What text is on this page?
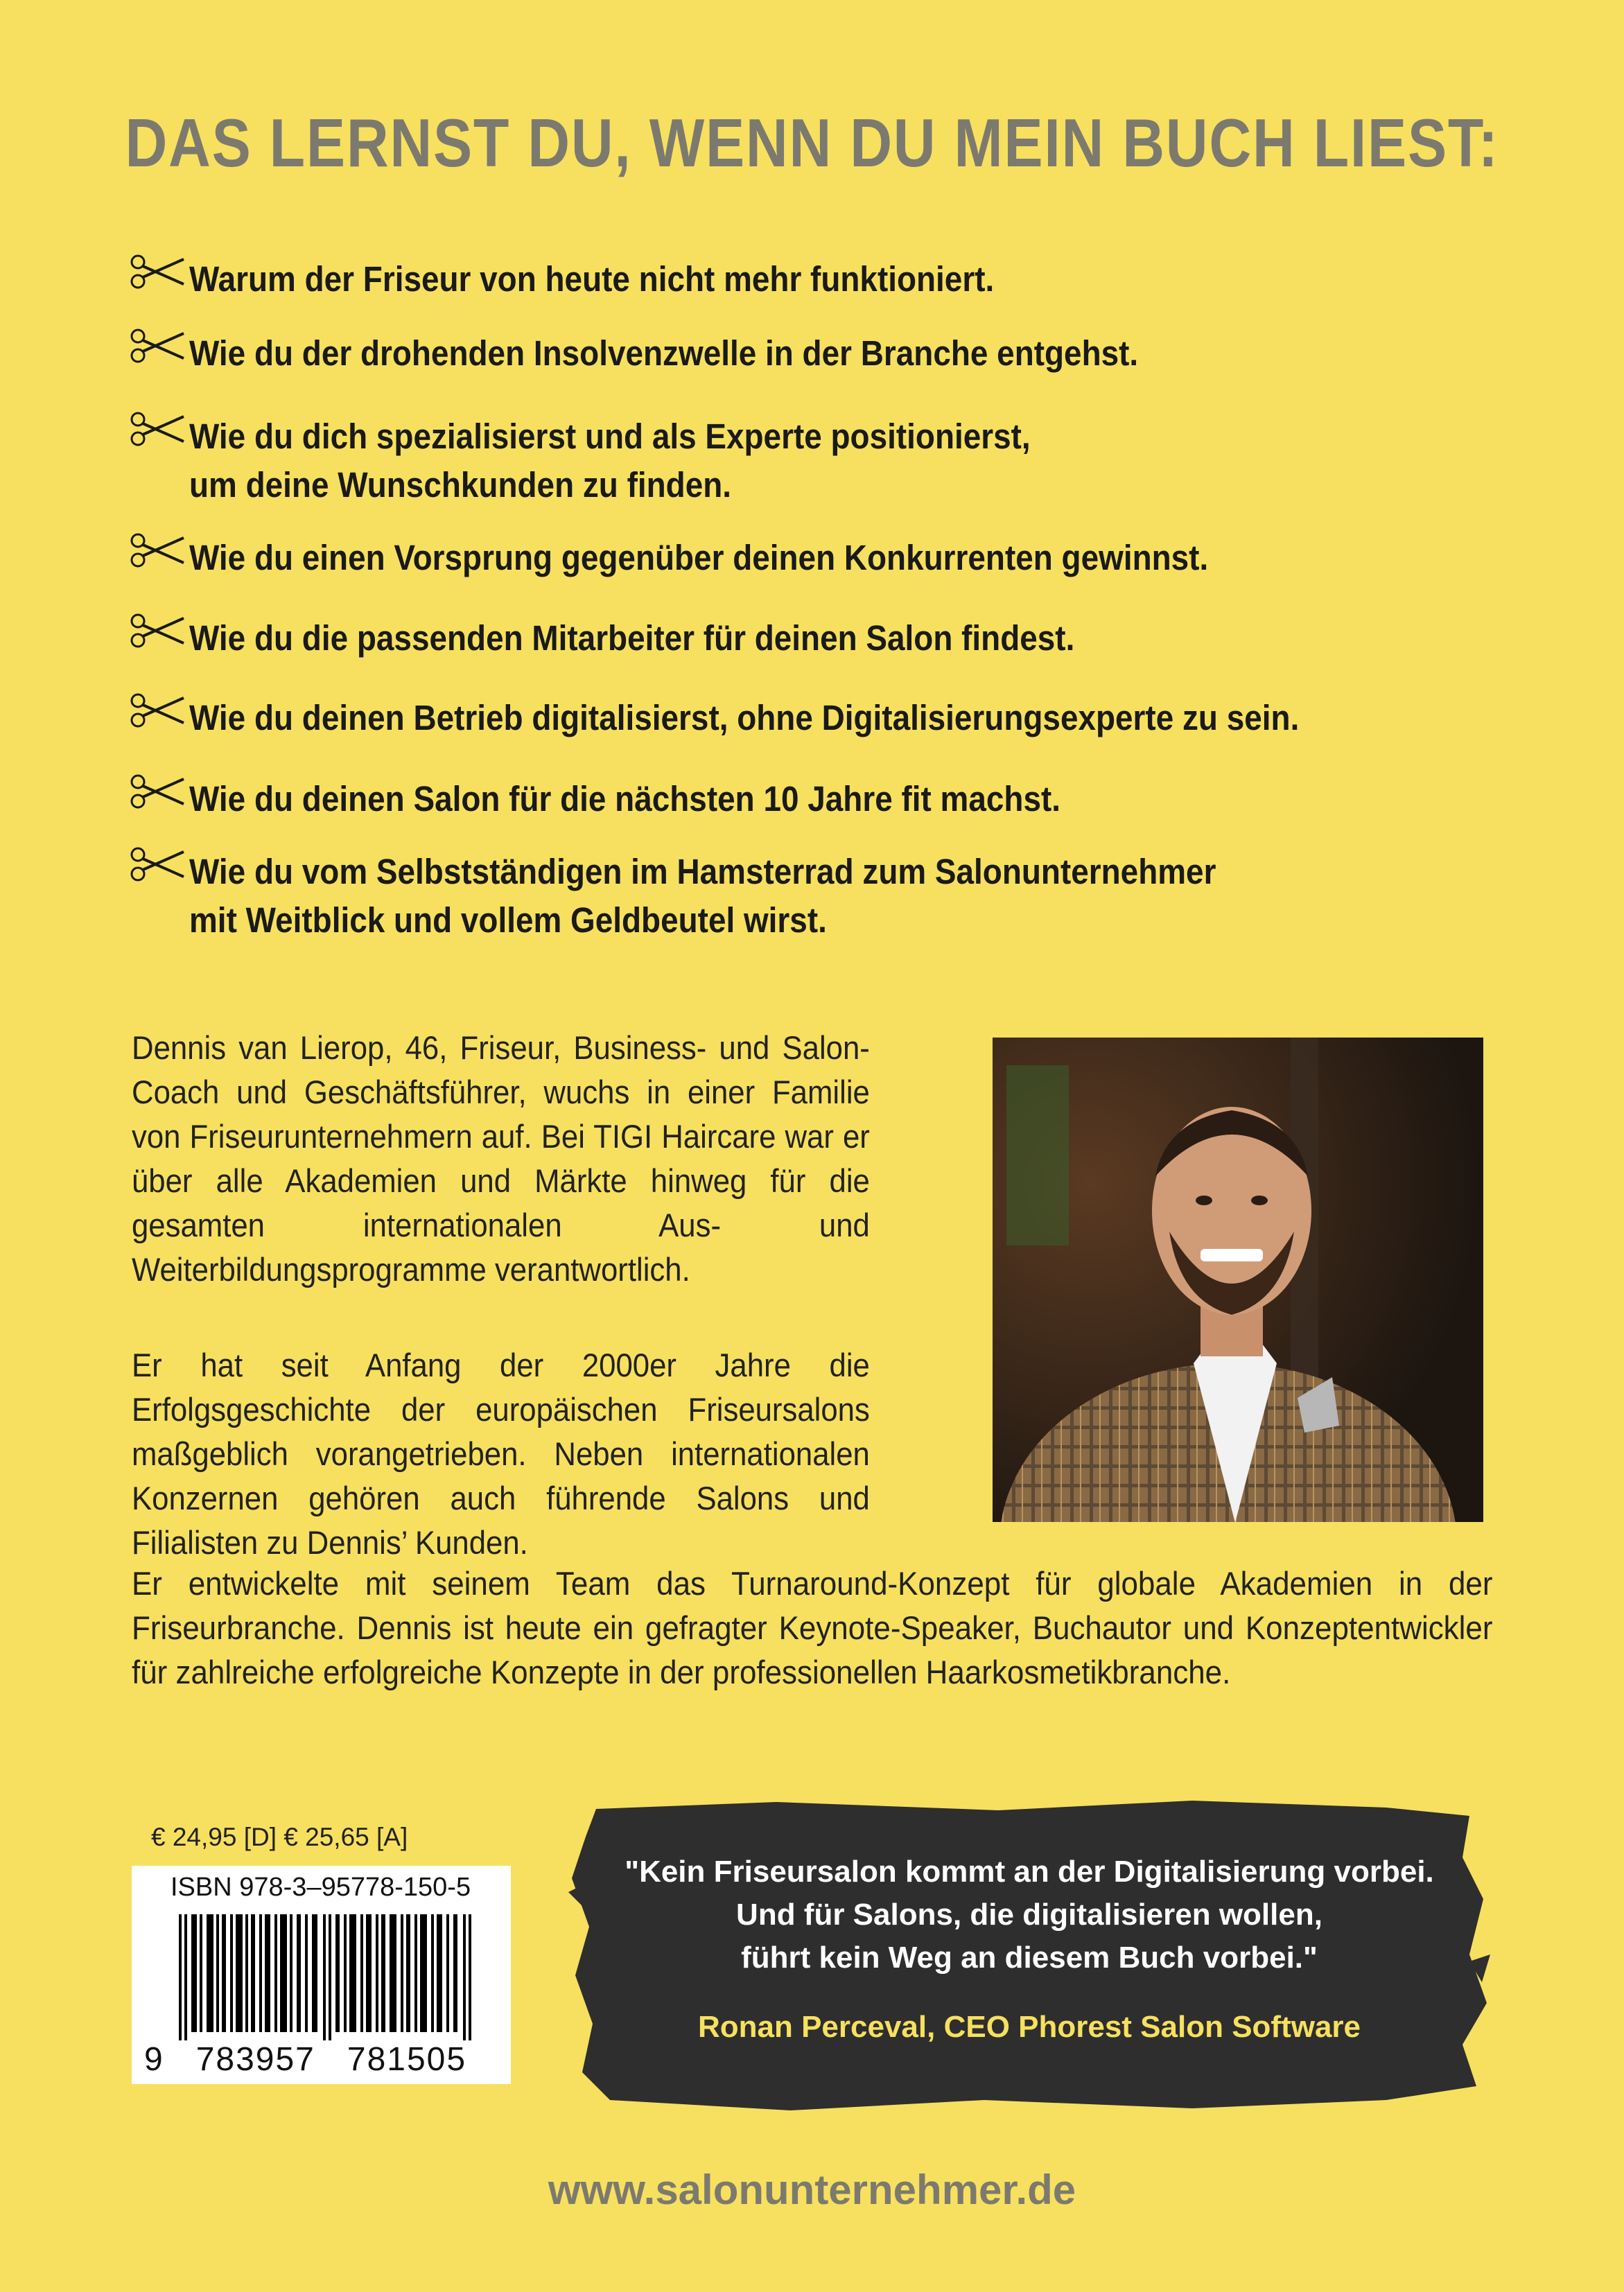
DAS LERNST DU, WENN DU MEIN BUCH LIEST:
Warum der Friseur von heute nicht mehr funktioniert.
Wie du der drohenden Insolvenzwelle in der Branche entgehst.
Wie du dich spezialisierst und als Experte positionierst,
um deine Wunschkunden zu finden.
Wie du einen Vorsprung gegenüber deinen Konkurrenten gewinnst.
Wie du die passenden Mitarbeiter für deinen Salon findest.
Wie du deinen Betrieb digitalisierst, ohne Digitalisierungsexperte zu sein.
Wie du deinen Salon für die nächsten 10 Jahre fit machst.
Wie du vom Selbstständigen im Hamsterrad zum Salonunternehmer
mit Weitblick und vollem Geldbeutel wirst.

Dennis van Lierop, 46, Friseur, Business- und Salon-Coach und Geschäftsführer, wuchs in einer Familie von Friseurunternehmern auf. Bei TIGI Haircare war er über alle Akademien und Märkte hinweg für die gesamten internationalen Aus- und Weiterbildungsprogramme verantwortlich.

Er hat seit Anfang der 2000er Jahre die Erfolgsgeschichte der europäischen Friseursalons maßgeblich vorangetrieben. Neben internationalen Konzernen gehören auch führende Salons und Filialisten zu Dennis’ Kunden.

Er entwickelte mit seinem Team das Turnaround-Konzept für globale Akademien in der Friseurbranche. Dennis ist heute ein gefragter Keynote-Speaker, Buchautor und Konzeptentwickler für zahlreiche erfolgreiche Konzepte in der professionellen Haarkosmetikbranche.

€ 24,95 [D] € 25,65 [A]
ISBN 978-3–95778-150-5
9   783957   781505
"Kein Friseursalon kommt an der Digitalisierung vorbei.
Und für Salons, die digitalisieren wollen,
führt kein Weg an diesem Buch vorbei."
Ronan Perceval, CEO Phorest Salon Software
www.salonunternehmer.de
